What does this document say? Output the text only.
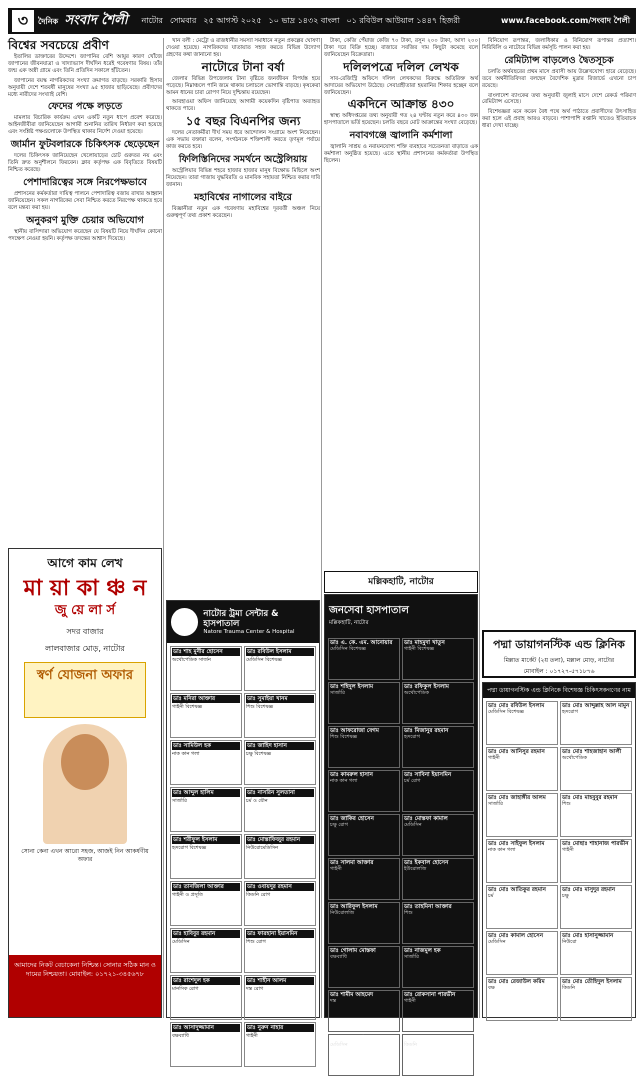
৩	দৈনিক সংবাদ শৈলী নাটোর সোমবার ২৫ আগস্ট ২০২৫ ১০ ভাদ্র ১৪৩২ বাংলা ০১ রবিউল আউয়াল ১৪৪৭ হিজরী	www.facebook.com/সংবাদ শৈলী
বিশ্বের সবচেয়ে প্রবীণ

ইতালির ডাক্তারের উদ্দেশে। জাপানির বেশি আয়ুর কারণ খোঁজে জাপানের জীবনযাত্রা ও খাদ্যাভ্যাস দীর্ঘদিন ধরেই গবেষণার বিষয়। তাঁর জন্ম এক অস্ত্রী গ্রামে এবং তিনি প্রতিদিন সকালে হাঁটতেন।

জাপানের বয়স্ক নাগরিকদের সংখ্যা ক্রমাগত বাড়ছে। সরকারি হিসাব অনুযায়ী দেশে শতবর্ষী মানুষের সংখ্যা ৯৫ হাজার ছাড়িয়েছে। প্রবীণদের মধ্যে নারীদের সংখ্যাই বেশি।

ফেদের পক্ষে লড়তে

মামলার বিচারিক কার্যক্রম এখন একটি নতুন ধাপে প্রবেশ করেছে। আইনজীবীরা জানিয়েছেন আগামী শুনানির তারিখ নির্ধারণ করা হয়েছে এবং সংশ্লিষ্ট পক্ষগুলোকে উপস্থিত থাকার নির্দেশ দেওয়া হয়েছে।

জার্মান ফুটবলারকে চিকিৎসক ছেড়েছেন

দলের চিকিৎসক জানিয়েছেন খেলোয়াড়ের চোট গুরুতর নয় এবং তিনি দ্রুত অনুশীলনে ফিরবেন। ক্লাব কর্তৃপক্ষ এক বিবৃতিতে বিষয়টি নিশ্চিত করেছে।

পেশাদারিত্বের সঙ্গে নিরপেক্ষভাবে

প্রশাসনের কর্মকর্তারা দায়িত্ব পালনে পেশাদারিত্ব বজায় রাখার আহ্বান জানিয়েছেন। সকল নাগরিকের সেবা নিশ্চিত করতে নিরপেক্ষ থাকতে হবে বলে মন্তব্য করা হয়।

অনুকরণ মুক্তি চেয়ার অভিযোগ

স্থানীয় বাসিন্দারা অভিযোগ করেছেন যে বিষয়টি নিয়ে দীর্ঘদিন কোনো পদক্ষেপ নেওয়া হয়নি। কর্তৃপক্ষ তদন্তের আশ্বাস দিয়েছে।

খান বলী : মেট্রো ও রাজধানীর সমস্যা সমাধানে নতুন প্রকল্পের ঘোষণা দেওয়া হয়েছে। নাগরিকদের যাতায়াত সহজ করতে বিভিন্ন উদ্যোগ গ্রহণের কথা জানানো হয়।

নাটোরে টানা বর্ষা

জেলার বিভিন্ন উপজেলায় টানা বৃষ্টিতে জনজীবন বিপর্যস্ত হয়ে পড়েছে। নিম্নাঞ্চলে পানি জমে থাকায় চলাচলে ভোগান্তি বাড়ছে। কৃষকেরা আমন ধানের চারা রোপণ নিয়ে দুশ্চিন্তায় রয়েছেন।

আবহাওয়া অফিস জানিয়েছে আগামী কয়েকদিন বৃষ্টিপাত অব্যাহত থাকতে পারে।

১৫ বছর বিএনপির জন্য

দলের নেতাকর্মীরা দীর্ঘ সময় ধরে আন্দোলন সংগ্রামে অংশ নিয়েছেন। এক সভায় বক্তারা বলেন, সংগঠনকে শক্তিশালী করতে তৃণমূল পর্যায়ে কাজ করতে হবে।

ফিলিস্তিনিদের সমর্থনে অস্ট্রেলিয়ায়

অস্ট্রেলিয়ার বিভিন্ন শহরে হাজার হাজার মানুষ বিক্ষোভ মিছিলে অংশ নিয়েছেন। তারা গাজায় যুদ্ধবিরতি ও মানবিক সহায়তা নিশ্চিত করার দাবি জানান।

মহাবিশ্বের নাগালের বাইরে

বিজ্ঞানীরা নতুন এক গবেষণায় মহাবিশ্বের দূরবর্তী অঞ্চল নিয়ে গুরুত্বপূর্ণ তথ্য প্রকাশ করেছেন।

টাকা, কেজি পেঁয়াজ কেজি ৭০ টাকা, রসুন ২০০ টাকা, আদা ২০০ টাকা দরে বিক্রি হচ্ছে। বাজারে সবজির দাম কিছুটা কমেছে বলে জানিয়েছেন বিক্রেতারা।

দলিলপত্রে দলিল লেখক

সাব-রেজিস্ট্রি অফিসে দলিল লেখকদের বিরুদ্ধে অতিরিক্ত অর্থ আদায়ের অভিযোগ উঠেছে। সেবাগ্রহীতারা হয়রানির শিকার হচ্ছেন বলে জানিয়েছেন।

একদিনে আক্রান্ত ৪৩০

স্বাস্থ্য অধিদপ্তরের তথ্য অনুযায়ী গত ২৪ ঘণ্টায় নতুন করে ৪৩০ জন হাসপাতালে ভর্তি হয়েছেন। চলতি বছরে মোট আক্রান্তের সংখ্যা বেড়েছে।

নবাবগঞ্জে জ্বালানি কর্মশালা

জ্বালানি সাশ্রয় ও নবায়নযোগ্য শক্তি ব্যবহারে সচেতনতা বাড়াতে এক কর্মশালা অনুষ্ঠিত হয়েছে। এতে স্থানীয় প্রশাসনের কর্মকর্তারা উপস্থিত ছিলেন।

বিনিয়োগ রূপান্তর, জলাধিকার ও বিনিয়োগ রূপান্তর প্রত্যাশা। নিরিবিলি ও নাটোরে বিভিন্ন কর্মসূচি পালন করা হয়।

রেমিট্যান্স বাড়লেও দ্বৈতসূচক

চলতি অর্থবছরের প্রথম মাসে প্রবাসী আয় উল্লেখযোগ্য হারে বেড়েছে। তবে অর্থনীতিবিদরা বলছেন বৈদেশিক মুদ্রার রিজার্ভে এখনো চাপ রয়েছে।

বাংলাদেশ ব্যাংকের তথ্য অনুযায়ী জুলাই মাসে দেশে রেকর্ড পরিমাণ রেমিট্যান্স এসেছে।

বিশেষজ্ঞরা মনে করেন বৈধ পথে অর্থ পাঠাতে প্রবাসীদের উৎসাহিত করা হলে এই প্রবাহ আরও বাড়বে। পাশাপাশি রপ্তানি খাতেও ইতিবাচক ধারা দেখা যাচ্ছে।

আগে কাম লেখ
মা য়া কা ঞ্চ ন
জু য়ে লা র্স
সদর বাজার
লালবাজার মোড়, নাটোর
স্বর্ণ যোজনা অফার
সোনা কেনা এখন আরো সহজ, আজই নিন আকর্ষণীয় অফার
আমাদের নিকট বেচাকেনা নিশ্চিন্ত। সোনার সঠিক মান ও দামের নিশ্চয়তা। মোবাইল: ০১৭২১-৩৪৫৬৭৮
নাটোর ট্রমা সেন্টার & হাসপাতাল
Natore Trauma Center & Hospital
ডাঃ শাহ মুনীর হোসেন
অর্থোপেডিক সার্জন
ডাঃ রবিউল ইসলাম
মেডিসিন বিশেষজ্ঞ
ডাঃ মনিরা আক্তার
গাইনী বিশেষজ্ঞ
ডাঃ সুমাইয়া খানম
শিশু বিশেষজ্ঞ
ডাঃ সামিউল হক
নাক কান গলা
ডাঃ জাহিদ হাসান
চক্ষু বিশেষজ্ঞ
ডাঃ আব্দুল হালিম
সার্জারি
ডাঃ নাসরিন সুলতানা
চর্ম ও যৌন
ডাঃ শরীফুল ইসলাম
হৃদরোগ বিশেষজ্ঞ
ডাঃ মোস্তাফিজুর রহমান
নিউরোমেডিসিন
ডাঃ তানজিলা আক্তার
গাইনী ও প্রসূতি
ডাঃ ওবায়দুর রহমান
কিডনি রোগ
ডাঃ হাবিবুর রহমান
মেডিসিন
ডাঃ ফারহানা ইয়াসমিন
শিশু রোগ
ডাঃ রাশেদুল হক
মানসিক রোগ
ডাঃ শাহীন আলম
দন্ত রোগ
ডাঃ আসাদুজ্জামান
বক্ষব্যাধি
ডাঃ নুরুন নাহার
গাইনী
মল্লিকহাটি, নাটোর
জনসেবা হাসপাতাল
মল্লিকহাটি, নাটোর
ডাঃ এ. কে. এম. আনোয়ার
মেডিসিন বিশেষজ্ঞ
ডাঃ মাহমুদা খাতুন
গাইনী বিশেষজ্ঞ
ডাঃ শহিদুল ইসলাম
সার্জারি
ডাঃ রফিকুল ইসলাম
অর্থোপেডিক
ডাঃ আফরোজা বেগম
শিশু বিশেষজ্ঞ
ডাঃ মিজানুর রহমান
হৃদরোগ
ডাঃ কামরুল হাসান
নাক কান গলা
ডাঃ সাবিনা ইয়াসমিন
চর্ম রোগ
ডাঃ জাকির হোসেন
চক্ষু রোগ
ডাঃ মোস্তফা কামাল
মেডিসিন
ডাঃ সালমা আক্তার
গাইনী
ডাঃ ইকবাল হোসেন
ইউরোলজি
ডাঃ আরিফুল ইসলাম
নিউরোলজি
ডাঃ তাহমিনা আক্তার
শিশু
ডাঃ গোলাম মোস্তফা
বক্ষব্যাধি
ডাঃ নাজমুল হক
সার্জারি
ডাঃ শামীম আহমেদ
দন্ত
ডাঃ রোকসানা পারভীন
গাইনী
ডাঃ হুমায়ুন কবির
মেডিসিন
ডাঃ মাসুদ রানা
কিডনি
পদ্মা ডায়াগনস্টিক এন্ড ক্লিনিক
মিল্লাত মার্কেট (২য় তলা), মল্লাল মোড়, নাটোর
মোবাইল : ০১৭২৭-৫৭১৮৭৬
পদ্মা ডায়াগনস্টিক এন্ড ক্লিনিকে বিশেষজ্ঞ চিকিৎসকগণের নাম
ডাঃ মোঃ রবিউল ইসলাম
মেডিসিন বিশেষজ্ঞ
ডাঃ মোঃ আব্দুল্লাহ আল মামুন
হৃদরোগ
ডাঃ মোঃ আনিসুর রহমান
গাইনী
ডাঃ মোঃ শাহজাহান আলী
অর্থোপেডিক
ডাঃ মোঃ জাহাঙ্গীর আলম
সার্জারি
ডাঃ মোঃ মাহবুবুর রহমান
শিশু
ডাঃ মোঃ সাইফুল ইসলাম
নাক কান গলা
ডাঃ মোছাঃ শাহানাজ পারভীন
গাইনী
ডাঃ মোঃ আতিকুর রহমান
চর্ম
ডাঃ মোঃ মাসুদুর রহমান
চক্ষু
ডাঃ মোঃ কামাল হোসেন
মেডিসিন
ডাঃ মোঃ হাসানুজ্জামান
নিউরো
ডাঃ মোঃ রেজাউল করিম
বক্ষ
ডাঃ মোঃ তৌহিদুল ইসলাম
কিডনি
